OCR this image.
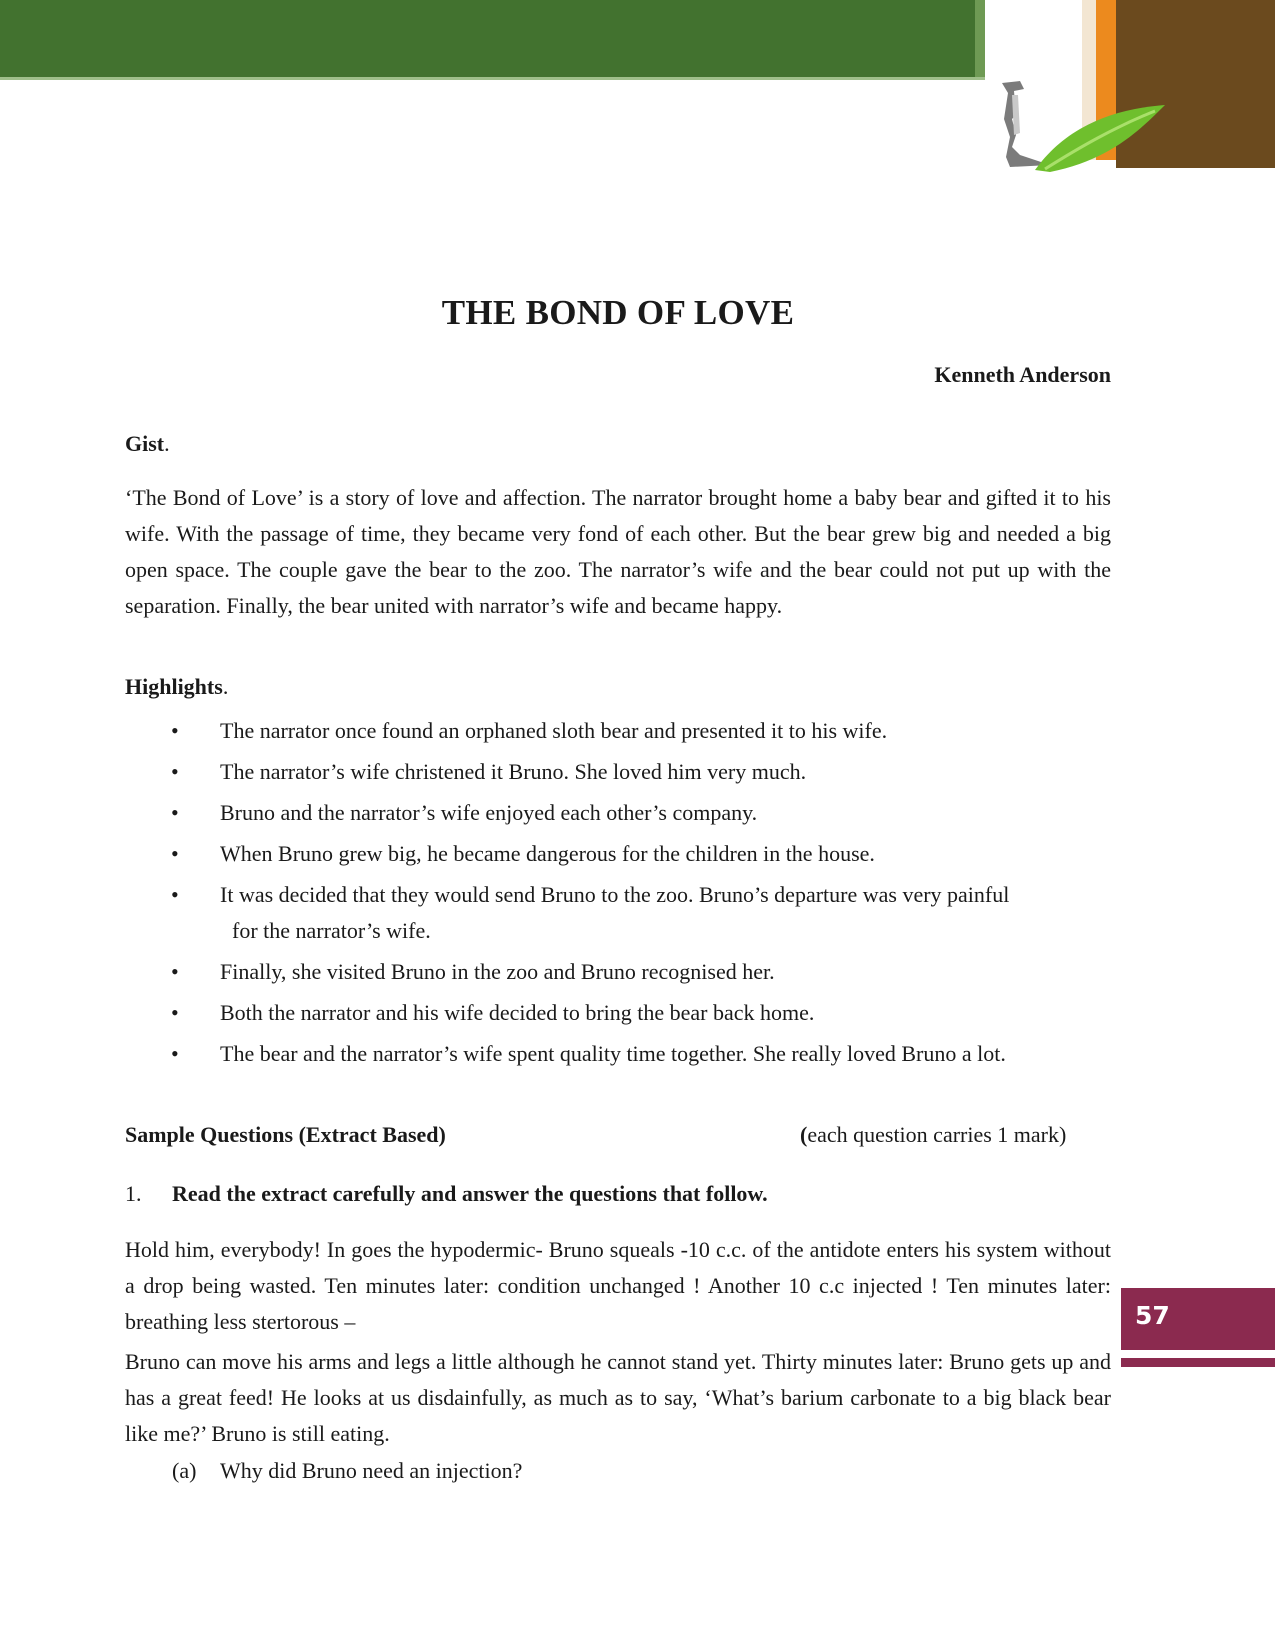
THE BOND OF LOVE
Kenneth Anderson
Gist.

‘The Bond of Love’ is a story of love and affection. The narrator brought home a baby bear and gifted it to his wife. With the passage of time, they became very fond of each other. But the bear grew big and needed a big open space. The couple gave the bear to the zoo. The narrator’s wife and the bear could not put up with the separation. Finally, the bear united with narrator’s wife and became happy.

Highlights.
• The narrator once found an orphaned sloth bear and presented it to his wife.
• The narrator’s wife christened it Bruno. She loved him very much.
• Bruno and the narrator’s wife enjoyed each other’s company.
• When Bruno grew big, he became dangerous for the children in the house.
• It was decided that they would send Bruno to the zoo. Bruno’s departure was very painful
for the narrator’s wife.
• Finally, she visited Bruno in the zoo and Bruno recognised her.
• Both the narrator and his wife decided to bring the bear back home.
• The bear and the narrator’s wife spent quality time together. She really loved Bruno a lot.
Sample Questions (Extract Based)	(each question carries 1 mark)
1. Read the extract carefully and answer the questions that follow.

Hold him, everybody! In goes the hypodermic- Bruno squeals -10 c.c. of the antidote enters his system without a drop being wasted. Ten minutes later: condition unchanged ! Another 10 c.c injected ! Ten minutes later: breathing less stertorous –

Bruno can move his arms and legs a little although he cannot stand yet. Thirty minutes later: Bruno gets up and has a great feed! He looks at us disdainfully, as much as to say, ‘What’s barium carbonate to a big black bear like me?’ Bruno is still eating.

(a) Why did Bruno need an injection?
57
